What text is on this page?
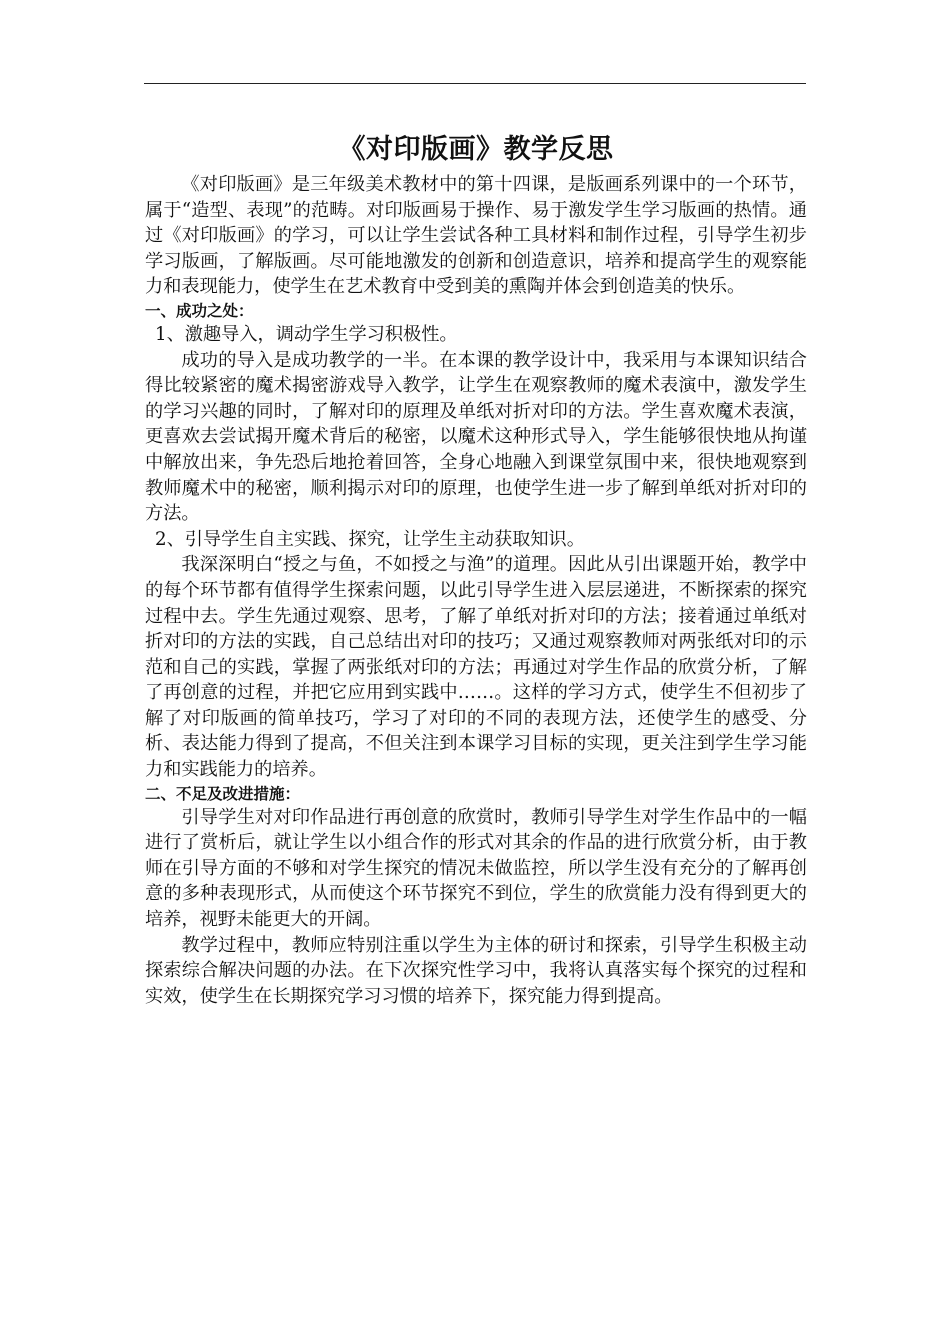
《对印版画》教学反思

《对印版画》是三年级美术教材中的第十四课，是版画系列课中的一个环节，属于“造型、表现”的范畴。对印版画易于操作、易于激发学生学习版画的热情。通过《对印版画》的学习，可以让学生尝试各种工具材料和制作过程，引导学生初步学习版画，了解版画。尽可能地激发的创新和创造意识，培养和提高学生的观察能力和表现能力，使学生在艺术教育中受到美的熏陶并体会到创造美的快乐。

一、成功之处：
1、激趣导入，调动学生学习积极性。

成功的导入是成功教学的一半。在本课的教学设计中，我采用与本课知识结合得比较紧密的魔术揭密游戏导入教学，让学生在观察教师的魔术表演中，激发学生的学习兴趣的同时，了解对印的原理及单纸对折对印的方法。学生喜欢魔术表演，更喜欢去尝试揭开魔术背后的秘密，以魔术这种形式导入，学生能够很快地从拘谨中解放出来，争先恐后地抢着回答，全身心地融入到课堂氛围中来，很快地观察到教师魔术中的秘密，顺利揭示对印的原理，也使学生进一步了解到单纸对折对印的方法。

2、引导学生自主实践、探究，让学生主动获取知识。

我深深明白“授之与鱼，不如授之与渔”的道理。因此从引出课题开始，教学中的每个环节都有值得学生探索问题，以此引导学生进入层层递进，不断探索的探究过程中去。学生先通过观察、思考，了解了单纸对折对印的方法；接着通过单纸对折对印的方法的实践，自己总结出对印的技巧；又通过观察教师对两张纸对印的示范和自己的实践，掌握了两张纸对印的方法；再通过对学生作品的欣赏分析，了解了再创意的过程，并把它应用到实践中……。这样的学习方式，使学生不但初步了解了对印版画的简单技巧，学习了对印的不同的表现方法，还使学生的感受、分析、表达能力得到了提高，不但关注到本课学习目标的实现，更关注到学生学习能力和实践能力的培养。

二、不足及改进措施：

引导学生对对印作品进行再创意的欣赏时，教师引导学生对学生作品中的一幅进行了赏析后，就让学生以小组合作的形式对其余的作品的进行欣赏分析，由于教师在引导方面的不够和对学生探究的情况未做监控，所以学生没有充分的了解再创意的多种表现形式，从而使这个环节探究不到位，学生的欣赏能力没有得到更大的培养，视野未能更大的开阔。

教学过程中，教师应特别注重以学生为主体的研讨和探索，引导学生积极主动探索综合解决问题的办法。在下次探究性学习中，我将认真落实每个探究的过程和实效，使学生在长期探究学习习惯的培养下，探究能力得到提高。
